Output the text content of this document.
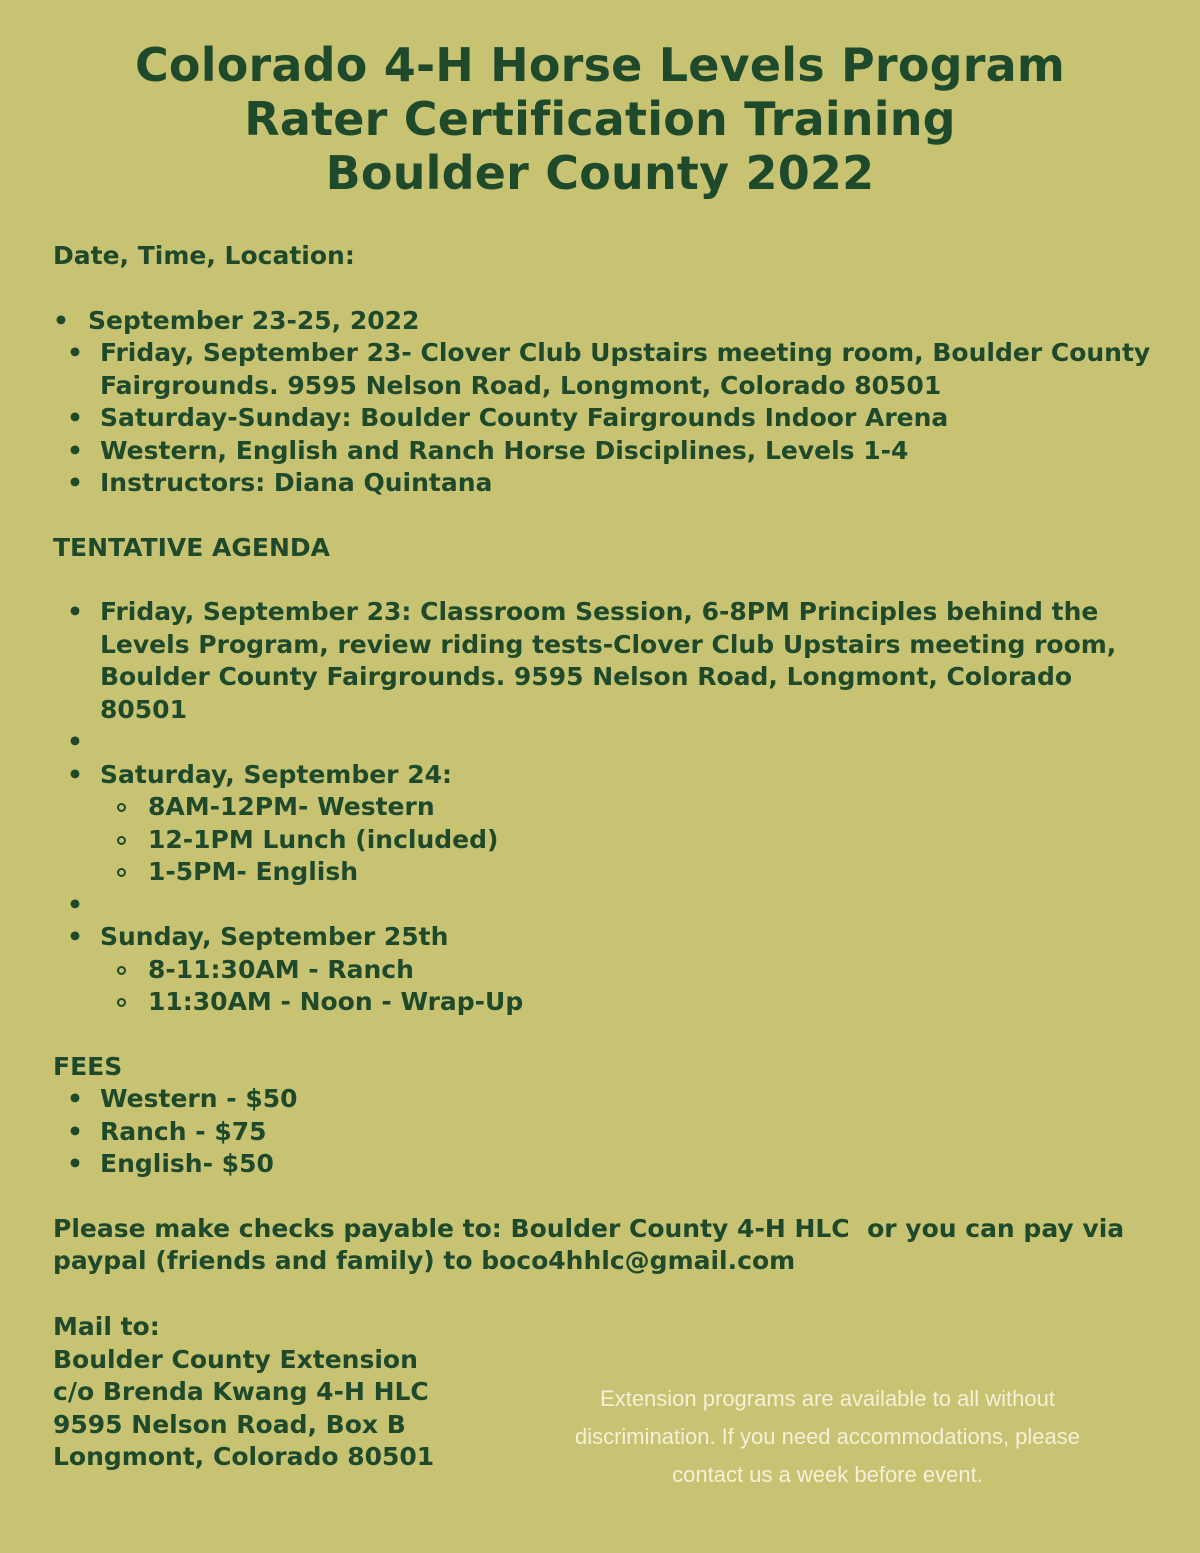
Colorado 4-H Horse Levels Program
Rater Certification Training
Boulder County 2022

Date, Time, Location:

• September 23-25, 2022
• Friday, September 23- Clover Club Upstairs meeting room, Boulder County Fairgrounds. 9595 Nelson Road, Longmont, Colorado 80501
• Saturday-Sunday: Boulder County Fairgrounds Indoor Arena
• Western, English and Ranch Horse Disciplines, Levels 1-4
• Instructors: Diana Quintana

TENTATIVE AGENDA

• Friday, September 23: Classroom Session, 6-8PM Principles behind the Levels Program, review riding tests-Clover Club Upstairs meeting room, Boulder County Fairgrounds. 9595 Nelson Road, Longmont, Colorado 80501
•
• Saturday, September 24:
8AM-12PM- Western
12-1PM Lunch (included)
1-5PM- English
•
• Sunday, September 25th
8-11:30AM - Ranch
11:30AM - Noon - Wrap-Up

FEES

• Western - $50
• Ranch - $75
• English- $50

Please make checks payable to: Boulder County 4-H HLC  or you can pay via paypal (friends and family) to boco4hhlc@gmail.com

Mail to:
Boulder County Extension
c/o Brenda Kwang 4-H HLC
9595 Nelson Road, Box B
Longmont, Colorado 80501
Extension programs are available to all without
discrimination. If you need accommodations, please
contact us a week before event.
